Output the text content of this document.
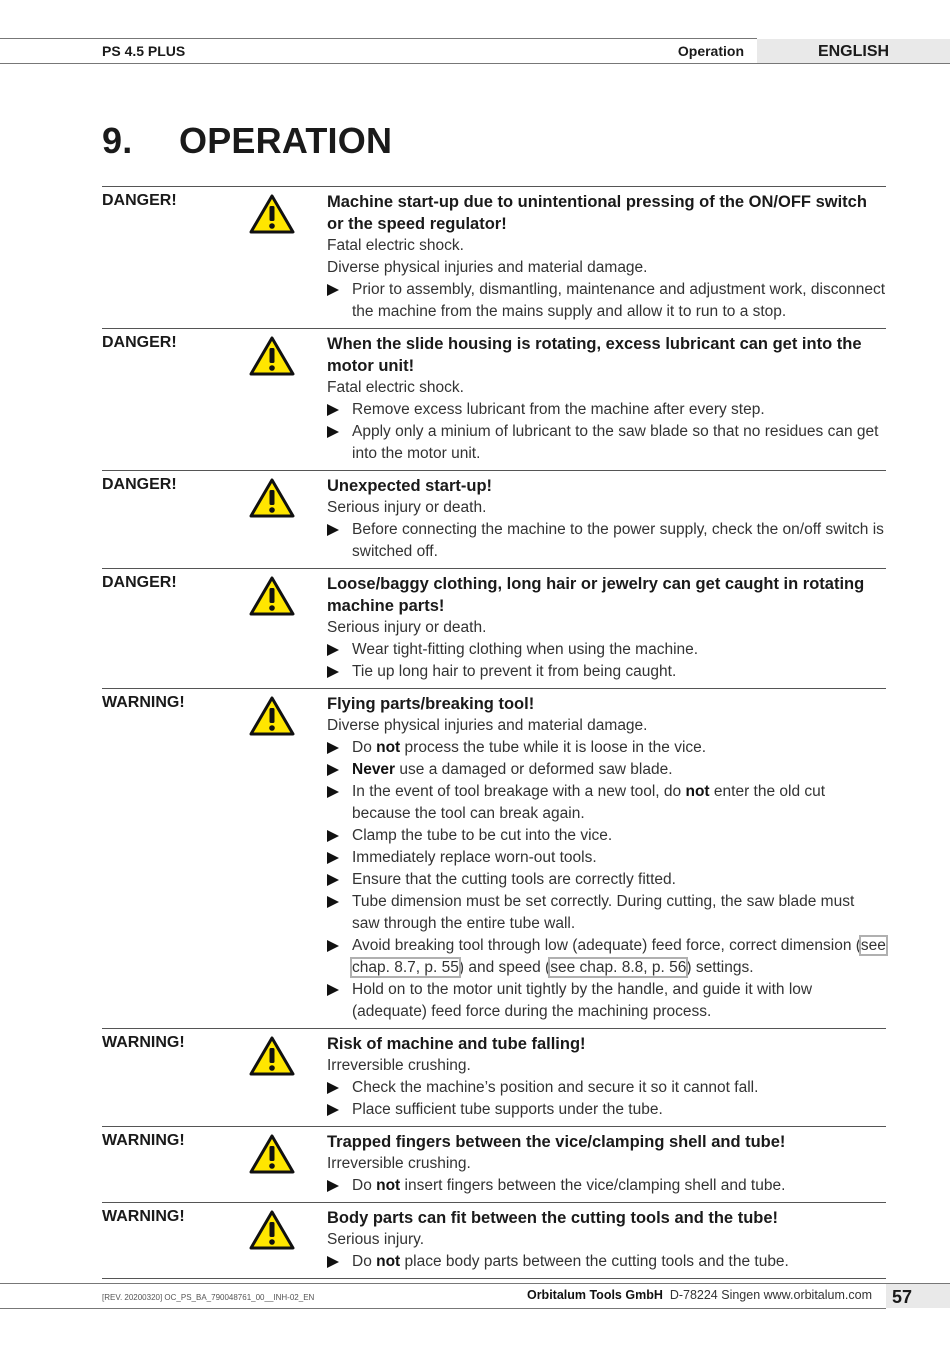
ENGLISH
PS 4.5 PLUS	Operation
9. OPERATION
DANGER!	Machine start-up due to unintentional pressing of the ON/OFF switch or the speed regulator!
Fatal electric shock.
Diverse physical injuries and material damage.
Prior to assembly, dismantling, maintenance and adjustment work, disconnect the machine from the mains supply and allow it to run to a stop.
DANGER!	When the slide housing is rotating, excess lubricant can get into the motor unit!
Fatal electric shock.
Remove excess lubricant from the machine after every step.
Apply only a minium of lubricant to the saw blade so that no residues can get into the motor unit.
DANGER!	Unexpected start-up!
Serious injury or death.
Before connecting the machine to the power supply, check the on/off switch is switched off.
DANGER!	Loose/baggy clothing, long hair or jewelry can get caught in rotating machine parts!
Serious injury or death.
Wear tight-fitting clothing when using the machine.
Tie up long hair to prevent it from being caught.
WARNING!	Flying parts/breaking tool!
Diverse physical injuries and material damage.
Do not process the tube while it is loose in the vice.
Never use a damaged or deformed saw blade.
In the event of tool breakage with a new tool, do not enter the old cut because the tool can break again.
Clamp the tube to be cut into the vice.
Immediately replace worn-out tools.
Ensure that the cutting tools are correctly fitted.
Tube dimension must be set correctly. During cutting, the saw blade must saw through the entire tube wall.
Avoid breaking tool through low (adequate) feed force, correct dimension (see chap. 8.7, p. 55) and speed (see chap. 8.8, p. 56) settings.
Hold on to the motor unit tightly by the handle, and guide it with low (adequate) feed force during the machining process.
WARNING!	Risk of machine and tube falling!
Irreversible crushing.
Check the machine’s position and secure it so it cannot fall.
Place sufficient tube supports under the tube.
WARNING!	Trapped fingers between the vice/clamping shell and tube!
Irreversible crushing.
Do not insert fingers between the vice/clamping shell and tube.
WARNING!	Body parts can fit between the cutting tools and the tube!
Serious injury.
Do not place body parts between the cutting tools and the tube.
[REV. 20200320] OC_PS_BA_790048761_00__INH-02_EN	Orbitalum Tools GmbH D-78224 Singen www.orbitalum.com	57
